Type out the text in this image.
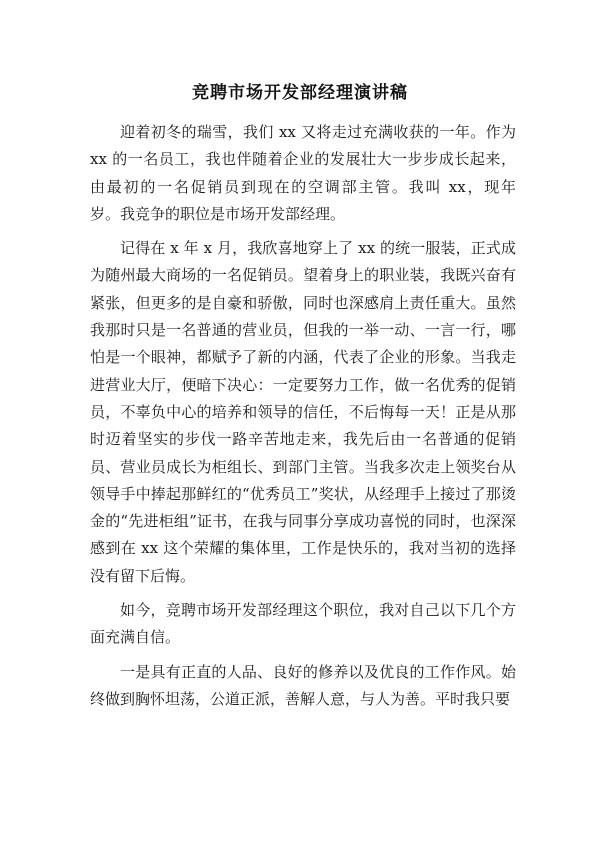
竞聘市场开发部经理演讲稿

迎着初冬的瑞雪，我们 xx 又将走过充满收获的一年。作为 xx 的一名员工，我也伴随着企业的发展壮大一步步成长起来，由最初的一名促销员到现在的空调部主管。我叫 xx，现年　岁。我竞争的职位是市场开发部经理。

记得在 x 年 x 月，我欣喜地穿上了 xx 的统一服装，正式成为随州最大商场的一名促销员。望着身上的职业装，我既兴奋有紧张，但更多的是自豪和骄傲，同时也深感肩上责任重大。虽然我那时只是一名普通的营业员，但我的一举一动、一言一行，哪怕是一个眼神，都赋予了新的内涵，代表了企业的形象。当我走进营业大厅，便暗下决心：一定要努力工作，做一名优秀的促销员，不辜负中心的培养和领导的信任，不后悔每一天！正是从那时迈着坚实的步伐一路辛苦地走来，我先后由一名普通的促销员、营业员成长为柜组长、到部门主管。当我多次走上领奖台从领导手中捧起那鲜红的“优秀员工”奖状，从经理手上接过了那烫金的“先进柜组”证书，在我与同事分享成功喜悦的同时，也深深感到在 xx 这个荣耀的集体里，工作是快乐的，我对当初的选择没有留下后悔。

如今，竞聘市场开发部经理这个职位，我对自己以下几个方面充满自信。

一是具有正直的人品、良好的修养以及优良的工作作风。始终做到胸怀坦荡，公道正派，善解人意，与人为善。平时我只要
